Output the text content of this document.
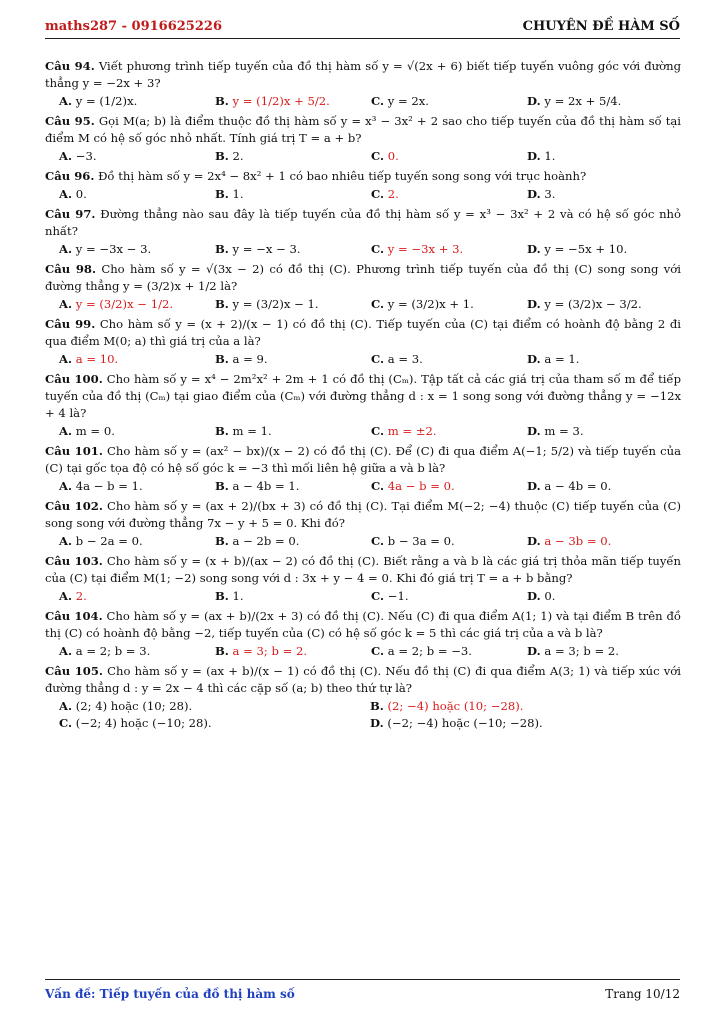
maths287 - 0916625226	CHUYÊN ĐỀ HÀM SỐ
Câu 94. Viết phương trình tiếp tuyến của đồ thị hàm số y = √(2x + 6) biết tiếp tuyến vuông góc với đường thẳng y = −2x + 3?
A. y = (1/2)x.	B. y = (1/2)x + 5/2.	C. y = 2x.	D. y = 2x + 5/4.
Câu 95. Gọi M(a; b) là điểm thuộc đồ thị hàm số y = x³ − 3x² + 2 sao cho tiếp tuyến của đồ thị hàm số tại điểm M có hệ số góc nhỏ nhất. Tính giá trị T = a + b?
A. −3.	B. 2.	C. 0.	D. 1.
Câu 96. Đồ thị hàm số y = 2x⁴ − 8x² + 1 có bao nhiêu tiếp tuyến song song với trục hoành?
A. 0.	B. 1.	C. 2.	D. 3.
Câu 97. Đường thẳng nào sau đây là tiếp tuyến của đồ thị hàm số y = x³ − 3x² + 2 và có hệ số góc nhỏ nhất?
A. y = −3x − 3.	B. y = −x − 3.	C. y = −3x + 3.	D. y = −5x + 10.
Câu 98. Cho hàm số y = √(3x − 2) có đồ thị (C). Phương trình tiếp tuyến của đồ thị (C) song song với đường thẳng y = (3/2)x + 1/2 là?
A. y = (3/2)x − 1/2.	B. y = (3/2)x − 1.	C. y = (3/2)x + 1.	D. y = (3/2)x − 3/2.
Câu 99. Cho hàm số y = (x + 2)/(x − 1) có đồ thị (C). Tiếp tuyến của (C) tại điểm có hoành độ bằng 2 đi qua điểm M(0; a) thì giá trị của a là?
A. a = 10.	B. a = 9.	C. a = 3.	D. a = 1.
Câu 100. Cho hàm số y = x⁴ − 2m²x² + 2m + 1 có đồ thị (Cₘ). Tập tất cả các giá trị của tham số m để tiếp tuyến của đồ thị (Cₘ) tại giao điểm của (Cₘ) với đường thẳng d : x = 1 song song với đường thẳng y = −12x + 4 là?
A. m = 0.	B. m = 1.	C. m = ±2.	D. m = 3.
Câu 101. Cho hàm số y = (ax² − bx)/(x − 2) có đồ thị (C). Để (C) đi qua điểm A(−1; 5/2) và tiếp tuyến của (C) tại gốc tọa độ có hệ số góc k = −3 thì mối liên hệ giữa a và b là?
A. 4a − b = 1.	B. a − 4b = 1.	C. 4a − b = 0.	D. a − 4b = 0.
Câu 102. Cho hàm số y = (ax + 2)/(bx + 3) có đồ thị (C). Tại điểm M(−2; −4) thuộc (C) tiếp tuyến của (C) song song với đường thẳng 7x − y + 5 = 0. Khi đó?
A. b − 2a = 0.	B. a − 2b = 0.	C. b − 3a = 0.	D. a − 3b = 0.
Câu 103. Cho hàm số y = (x + b)/(ax − 2) có đồ thị (C). Biết rằng a và b là các giá trị thỏa mãn tiếp tuyến của (C) tại điểm M(1; −2) song song với d : 3x + y − 4 = 0. Khi đó giá trị T = a + b bằng?
A. 2.	B. 1.	C. −1.	D. 0.
Câu 104. Cho hàm số y = (ax + b)/(2x + 3) có đồ thị (C). Nếu (C) đi qua điểm A(1; 1) và tại điểm B trên đồ thị (C) có hoành độ bằng −2, tiếp tuyến của (C) có hệ số góc k = 5 thì các giá trị của a và b là?
A. a = 2; b = 3.	B. a = 3; b = 2.	C. a = 2; b = −3.	D. a = 3; b = 2.
Câu 105. Cho hàm số y = (ax + b)/(x − 1) có đồ thị (C). Nếu đồ thị (C) đi qua điểm A(3; 1) và tiếp xúc với đường thẳng d : y = 2x − 4 thì các cặp số (a; b) theo thứ tự là?
A. (2; 4) hoặc (10; 28).	B. (2; −4) hoặc (10; −28).
C. (−2; 4) hoặc (−10; 28).	D. (−2; −4) hoặc (−10; −28).
Vấn đề: Tiếp tuyến của đồ thị hàm số	Trang 10/12
